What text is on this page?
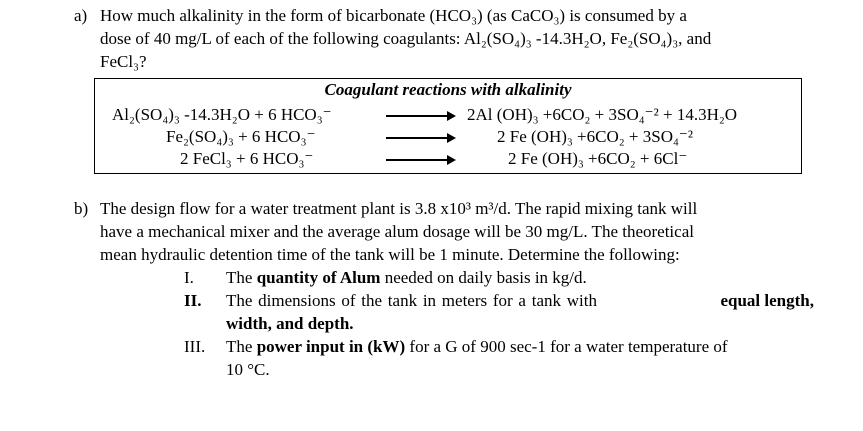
a) How much alkalinity in the form of bicarbonate (HCO₃) (as CaCO₃) is consumed by a
dose of 40 mg/L of each of the following coagulants: Al₂(SO₄)₃ -14.3H₂O, Fe₂(SO₄)₃, and
FeCl₃?
Coagulant reactions with alkalinity
Al₂(SO₄)₃ -14.3H₂O + 6 HCO₃⁻	→ 2Al (OH)₃ +6CO₂ + 3SO₄⁻² + 14.3H₂O
Fe₂(SO₄)₃ + 6 HCO₃⁻	2 Fe (OH)₃ +6CO₂ + 3SO₄⁻²
2 FeCl₃ + 6 HCO₃⁻	2 Fe (OH)₃ +6CO₂ + 6Cl⁻
b) The design flow for a water treatment plant is 3.8 x10³ m³/d. The rapid mixing tank will
have a mechanical mixer and the average alum dosage will be 30 mg/L. The theoretical
mean hydraulic detention time of the tank will be 1 minute. Determine the following:
I. The quantity of Alum needed on daily basis in kg/d.
II. The dimensions of the tank in meters for a tank with	equal length,
width, and depth.
III. The power input in (kW) for a G of 900 sec-1 for a water temperature of
10 °C.
